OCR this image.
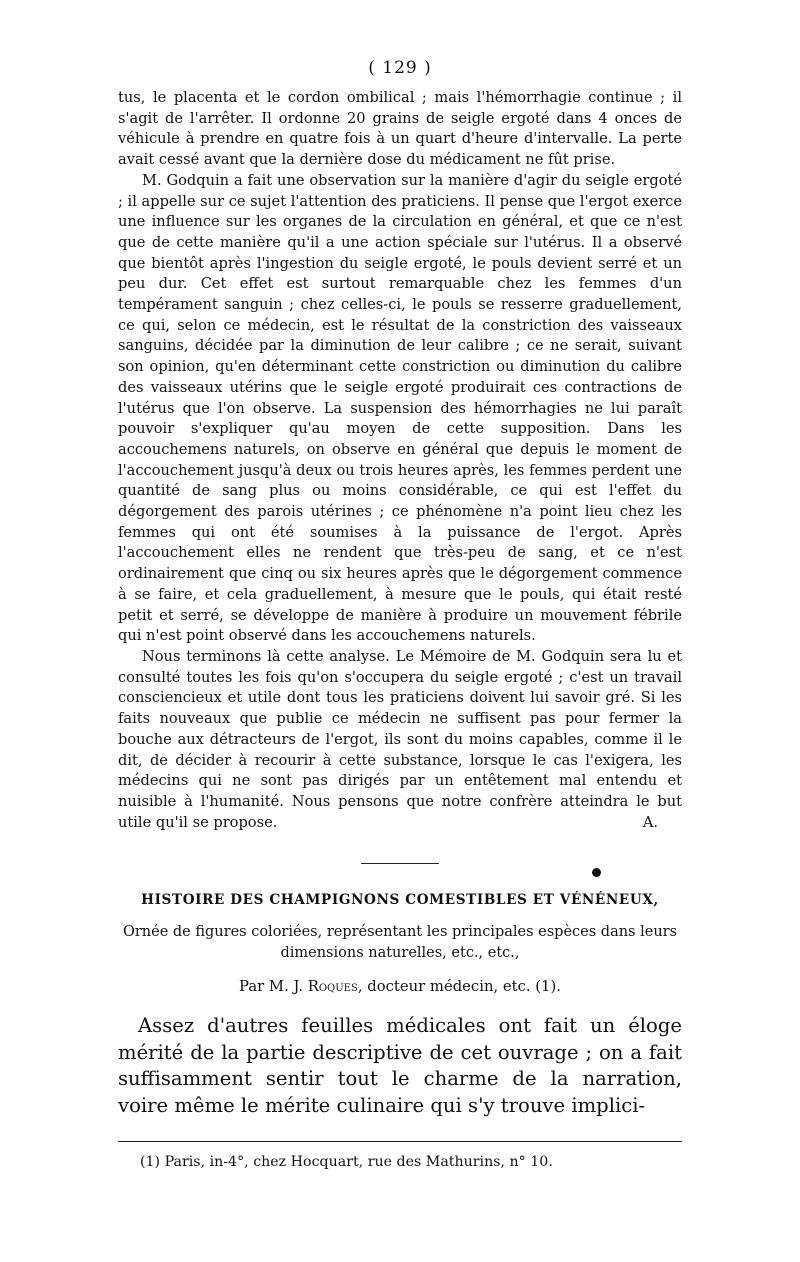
( 129 )

tus, le placenta et le cordon ombilical ; mais l'hémorrhagie continue ; il s'agit de l'arrêter. Il ordonne 20 grains de seigle ergoté dans 4 onces de véhicule à prendre en quatre fois à un quart d'heure d'intervalle. La perte avait cessé avant que la dernière dose du médicament ne fût prise.

M. Godquin a fait une observation sur la manière d'agir du seigle ergoté ; il appelle sur ce sujet l'attention des praticiens. Il pense que l'ergot exerce une influence sur les organes de la circulation en général, et que ce n'est que de cette manière qu'il a une action spéciale sur l'utérus. Il a observé que bientôt après l'ingestion du seigle ergoté, le pouls devient serré et un peu dur. Cet effet est surtout remarquable chez les femmes d'un tempérament sanguin ; chez celles-ci, le pouls se resserre graduellement, ce qui, selon ce médecin, est le résultat de la constriction des vaisseaux sanguins, décidée par la diminution de leur calibre ; ce ne serait, suivant son opinion, qu'en déterminant cette constriction ou diminution du calibre des vaisseaux utérins que le seigle ergoté produirait ces contractions de l'utérus que l'on observe. La suspension des hémorrhagies ne lui paraît pouvoir s'expliquer qu'au moyen de cette supposition. Dans les accouchemens naturels, on observe en général que depuis le moment de l'accouchement jusqu'à deux ou trois heures après, les femmes perdent une quantité de sang plus ou moins considérable, ce qui est l'effet du dégorgement des parois utérines ; ce phénomène n'a point lieu chez les femmes qui ont été soumises à la puissance de l'ergot. Après l'accouchement elles ne rendent que très-peu de sang, et ce n'est ordinairement que cinq ou six heures après que le dégorgement commence à se faire, et cela graduellement, à mesure que le pouls, qui était resté petit et serré, se développe de manière à produire un mouvement fébrile qui n'est point observé dans les accouchemens naturels.

Nous terminons là cette analyse. Le Mémoire de M. Godquin sera lu et consulté toutes les fois qu'on s'occupera du seigle ergoté ; c'est un travail consciencieux et utile dont tous les praticiens doivent lui savoir gré. Si les faits nouveaux que publie ce médecin ne suffisent pas pour fermer la bouche aux détracteurs de l'ergot, ils sont du moins capables, comme il le dit, de décider à recourir à cette substance, lorsque le cas l'exigera, les médecins qui ne sont pas dirigés par un entêtement mal entendu et nuisible à l'humanité. Nous pensons que notre confrère atteindra le but utile qu'il se propose.	A.

HISTOIRE DES CHAMPIGNONS COMESTIBLES ET VÉNÉNEUX,
Ornée de figures coloriées, représentant les principales espèces dans leurs dimensions naturelles, etc., etc.,
Par M. J. Roques, docteur médecin, etc. (1).

Assez d'autres feuilles médicales ont fait un éloge mérité de la partie descriptive de cet ouvrage ; on a fait suffisamment sentir tout le charme de la narration, voire même le mérite culinaire qui s'y trouve implici-

(1) Paris, in-4°, chez Hocquart, rue des Mathurins, n° 10.
